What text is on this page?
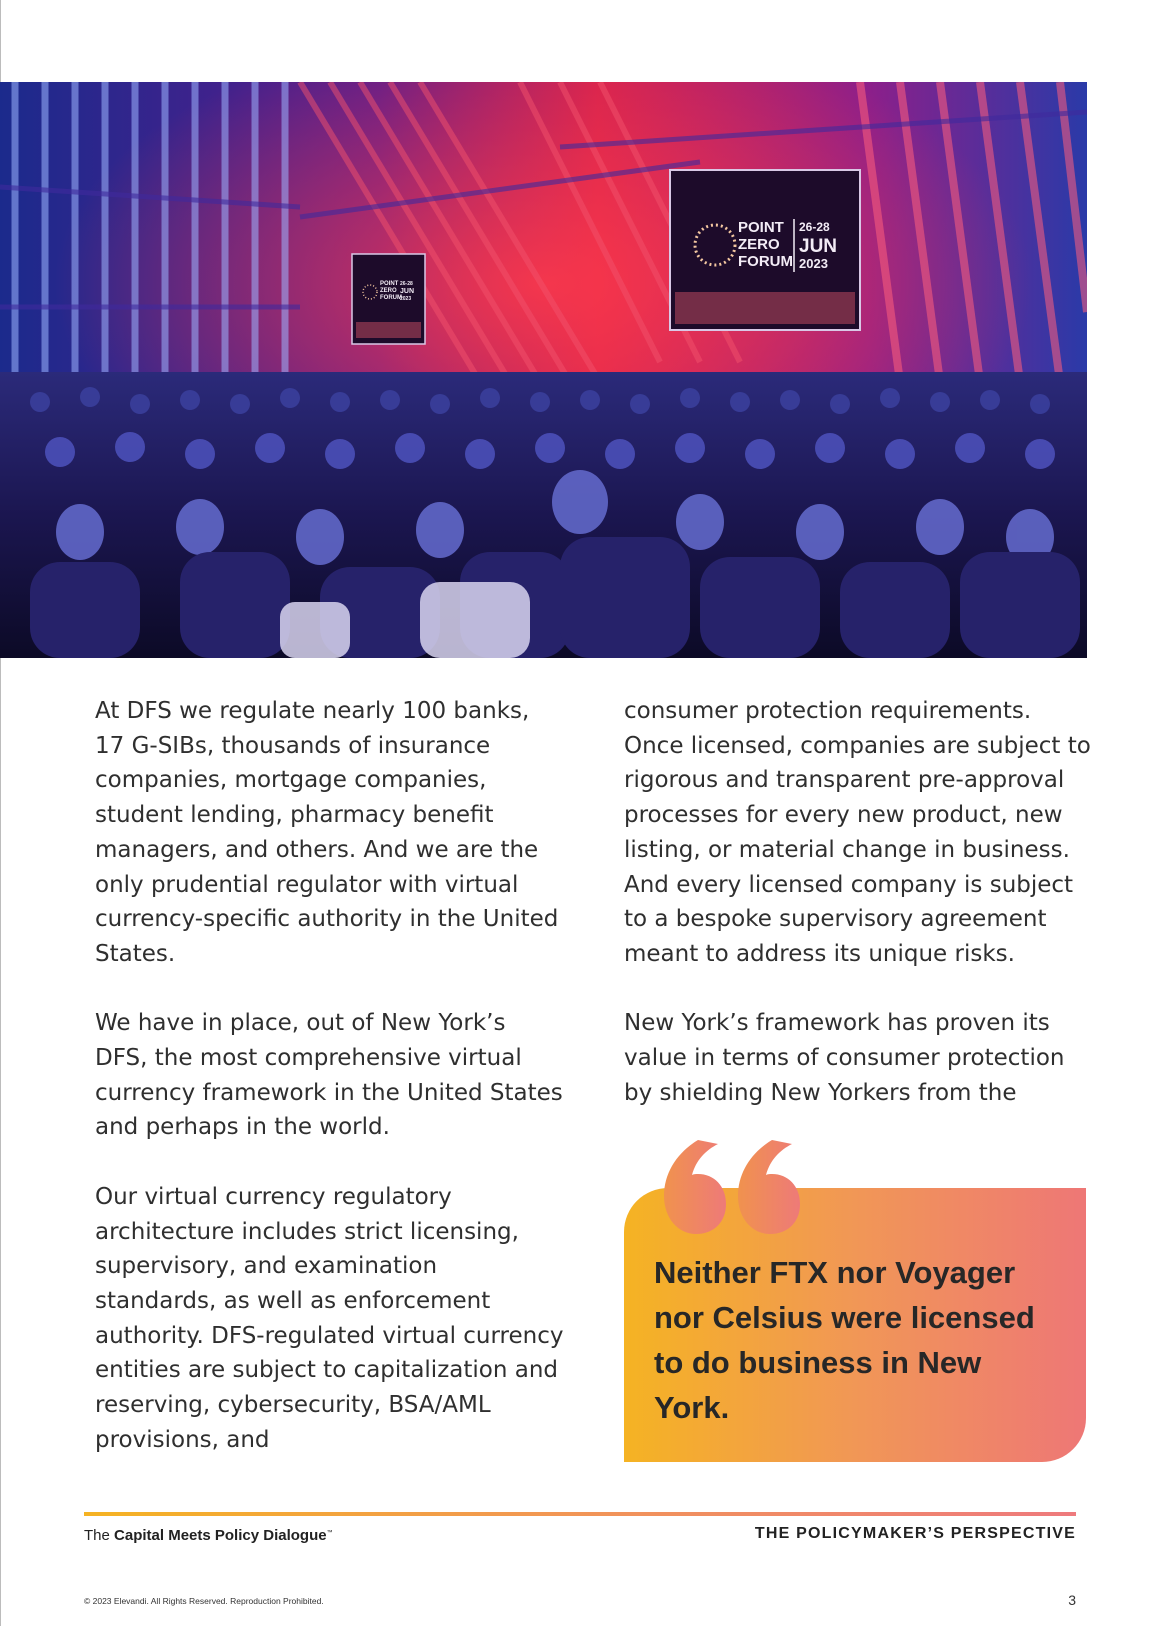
POINT
ZERO
FORUM
26-28
JUN
2023
POINT
ZERO
FORUM
26-28
JUN
2023

At DFS we regulate nearly 100 banks, 17 G-SIBs, thousands of insurance companies, mortgage companies, student lending, pharmacy benefit managers, and others. And we are the only prudential regulator with virtual currency-specific authority in the United States.

We have in place, out of New York’s DFS, the most comprehensive virtual currency framework in the United States and perhaps in the world.

Our virtual currency regulatory architecture includes strict licensing, supervisory, and examination standards, as well as enforcement authority. DFS-regulated virtual currency entities are subject to capitalization and reserving, cybersecurity, BSA/AML provisions, and

consumer protection requirements. Once licensed, companies are subject to rigorous and transparent pre-approval processes for every new product, new listing, or material change in business. And every licensed company is subject to a bespoke supervisory agreement meant to address its unique risks.

New York’s framework has proven its value in terms of consumer protection by shielding New Yorkers from the

Neither FTX nor Voyager nor Celsius were licensed to do business in New York.
The Capital Meets Policy Dialogue™	THE POLICYMAKER’S PERSPECTIVE
© 2023 Elevandi. All Rights Reserved. Reproduction Prohibited.	3
